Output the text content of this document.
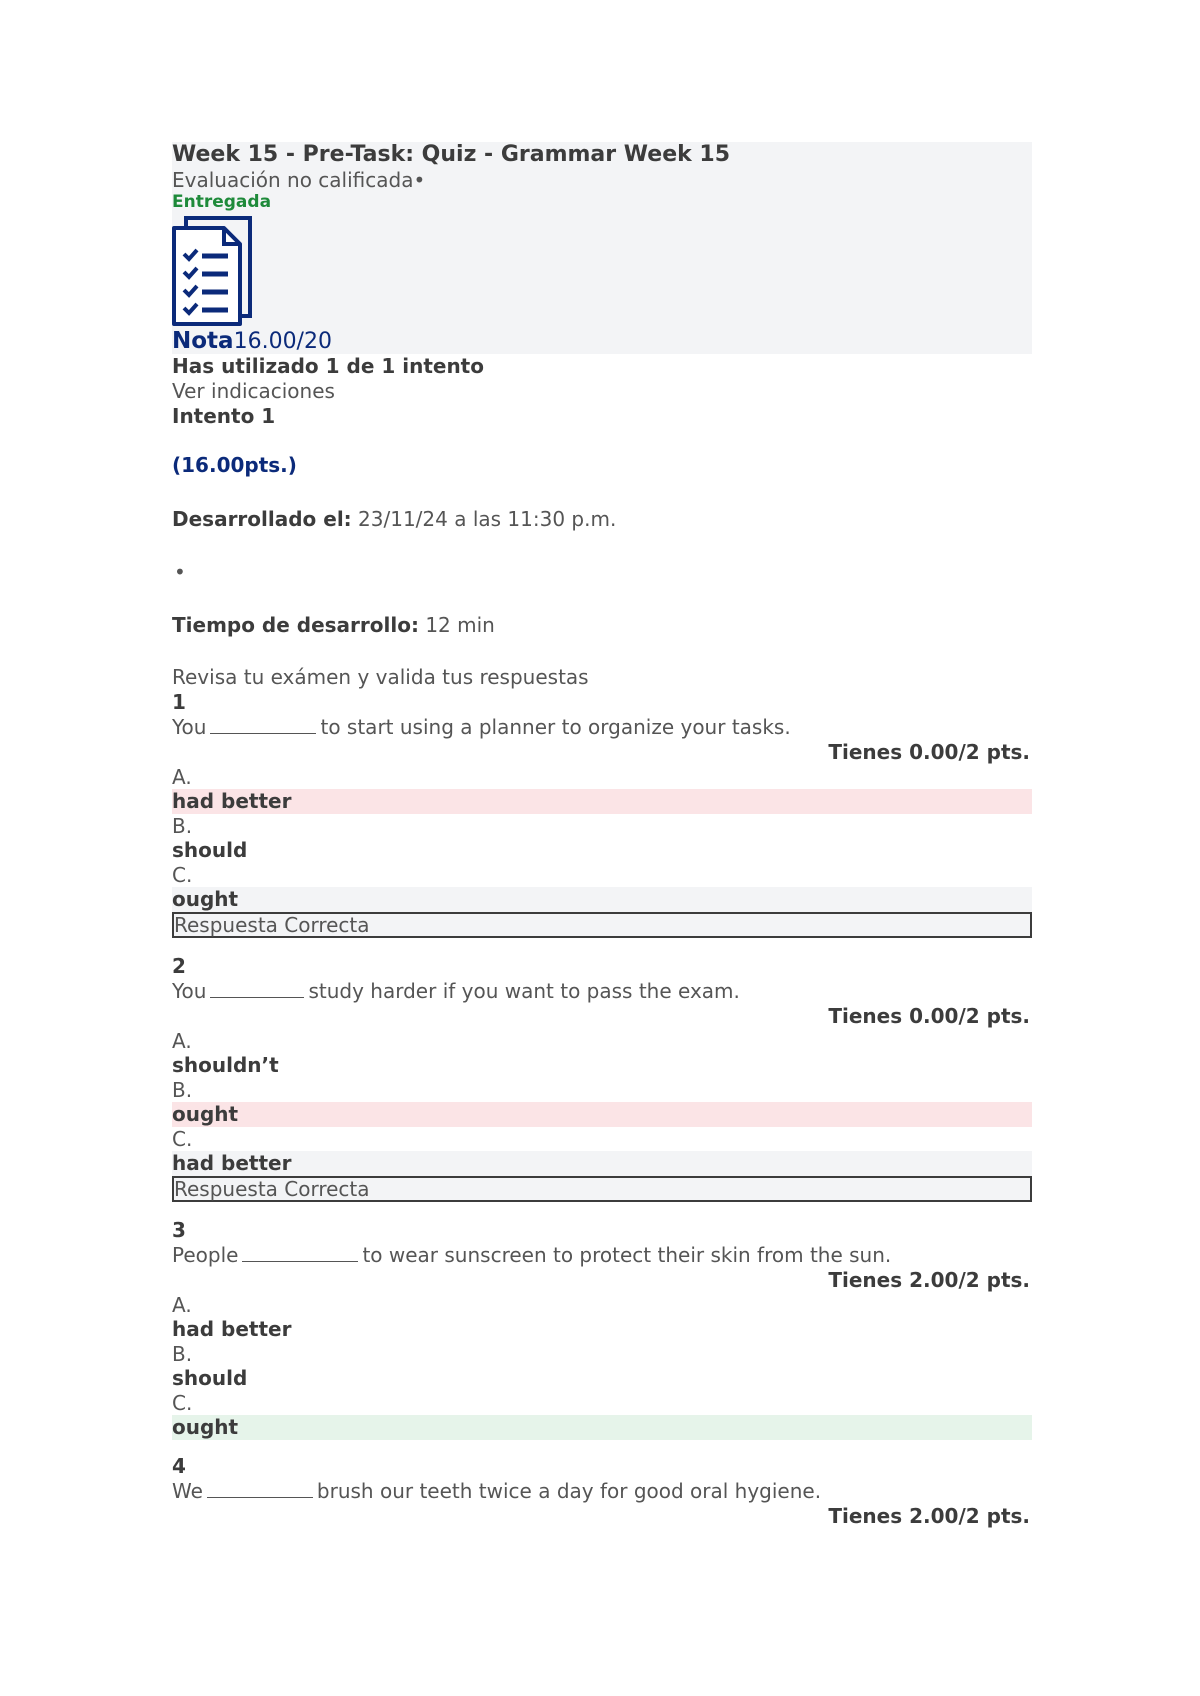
Week 15 - Pre-Task: Quiz - Grammar Week 15
Evaluación no calificada•
Entregada
Nota16.00/20
Has utilizado 1 de 1 intento
Ver indicaciones
Intento 1
(16.00pts.)
Desarrollado el: 23/11/24 a las 11:30 p.m.
•
Tiempo de desarrollo: 12 min
Revisa tu exámen y valida tus respuestas
1
You	to start using a planner to organize your tasks.
Tienes 0.00/2 pts.
A.
had better
B.
should
C.
ought
Respuesta Correcta
2
You	study harder if you want to pass the exam.
Tienes 0.00/2 pts.
A.
shouldn’t
B.
ought
C.
had better
Respuesta Correcta
3
People	to wear sunscreen to protect their skin from the sun.
Tienes 2.00/2 pts.
A.
had better
B.
should
C.
ought
4
We	brush our teeth twice a day for good oral hygiene.
Tienes 2.00/2 pts.
